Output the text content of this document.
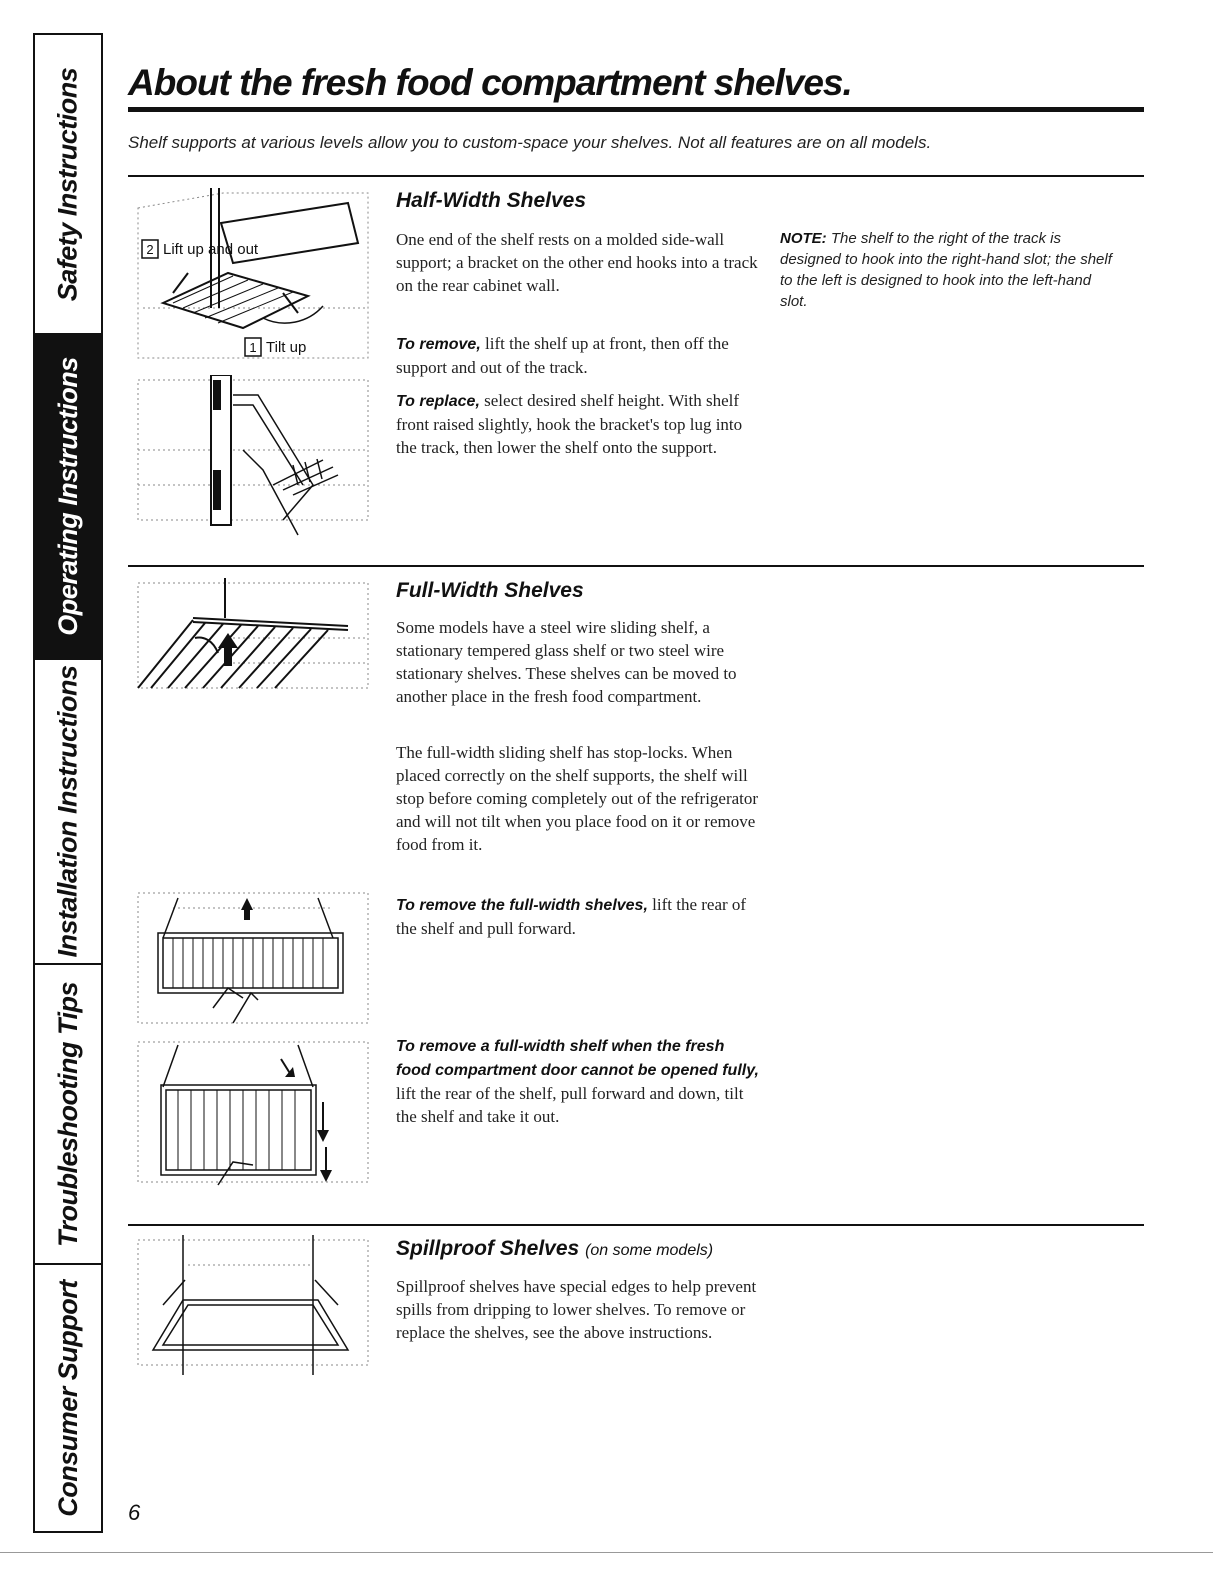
Safety Instructions
Operating Instructions
Installation Instructions
Troubleshooting Tips
Consumer Support
About the fresh food compartment shelves.

Shelf supports at various levels allow you to custom-space your shelves. Not all features are on all models.

2 Lift up and out
1 Tilt up
Half-Width Shelves

One end of the shelf rests on a molded side-wall support; a bracket on the other end hooks into a track on the rear cabinet wall.

To remove, lift the shelf up at front, then off the support and out of the track.

To replace, select desired shelf height. With shelf front raised slightly, hook the bracket's top lug into the track, then lower the shelf onto the support.

NOTE: The shelf to the right of the track is designed to hook into the right-hand slot; the shelf to the left is designed to hook into the left-hand slot.

Full-Width Shelves

Some models have a steel wire sliding shelf, a stationary tempered glass shelf or two steel wire stationary shelves. These shelves can be moved to another place in the fresh food compartment.

The full-width sliding shelf has stop-locks. When placed correctly on the shelf supports, the shelf will stop before coming completely out of the refrigerator and will not tilt when you place food on it or remove food from it.

To remove the full-width shelves, lift the rear of the shelf and pull forward.

To remove a full-width shelf when the fresh food compartment door cannot be opened fully, lift the rear of the shelf, pull forward and down, tilt the shelf and take it out.

Spillproof Shelves (on some models)

Spillproof shelves have special edges to help prevent spills from dripping to lower shelves. To remove or replace the shelves, see the above instructions.

6
